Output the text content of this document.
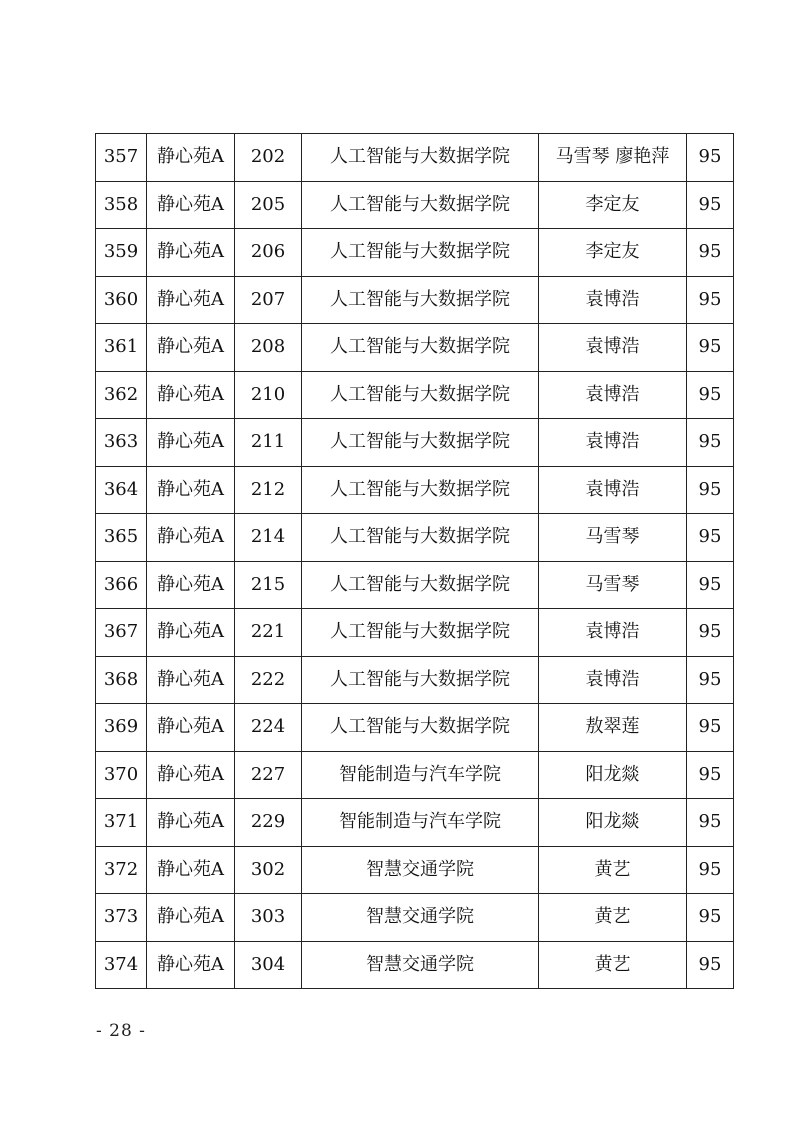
357	静心苑A	202	人工智能与大数据学院	马雪琴 廖艳萍	95
358	静心苑A	205	人工智能与大数据学院	李定友	95
359	静心苑A	206	人工智能与大数据学院	李定友	95
360	静心苑A	207	人工智能与大数据学院	袁博浩	95
361	静心苑A	208	人工智能与大数据学院	袁博浩	95
362	静心苑A	210	人工智能与大数据学院	袁博浩	95
363	静心苑A	211	人工智能与大数据学院	袁博浩	95
364	静心苑A	212	人工智能与大数据学院	袁博浩	95
365	静心苑A	214	人工智能与大数据学院	马雪琴	95
366	静心苑A	215	人工智能与大数据学院	马雪琴	95
367	静心苑A	221	人工智能与大数据学院	袁博浩	95
368	静心苑A	222	人工智能与大数据学院	袁博浩	95
369	静心苑A	224	人工智能与大数据学院	敖翠莲	95
370	静心苑A	227	智能制造与汽车学院	阳龙燚	95
371	静心苑A	229	智能制造与汽车学院	阳龙燚	95
372	静心苑A	302	智慧交通学院	黄艺	95
373	静心苑A	303	智慧交通学院	黄艺	95
374	静心苑A	304	智慧交通学院	黄艺	95
- 28 -
